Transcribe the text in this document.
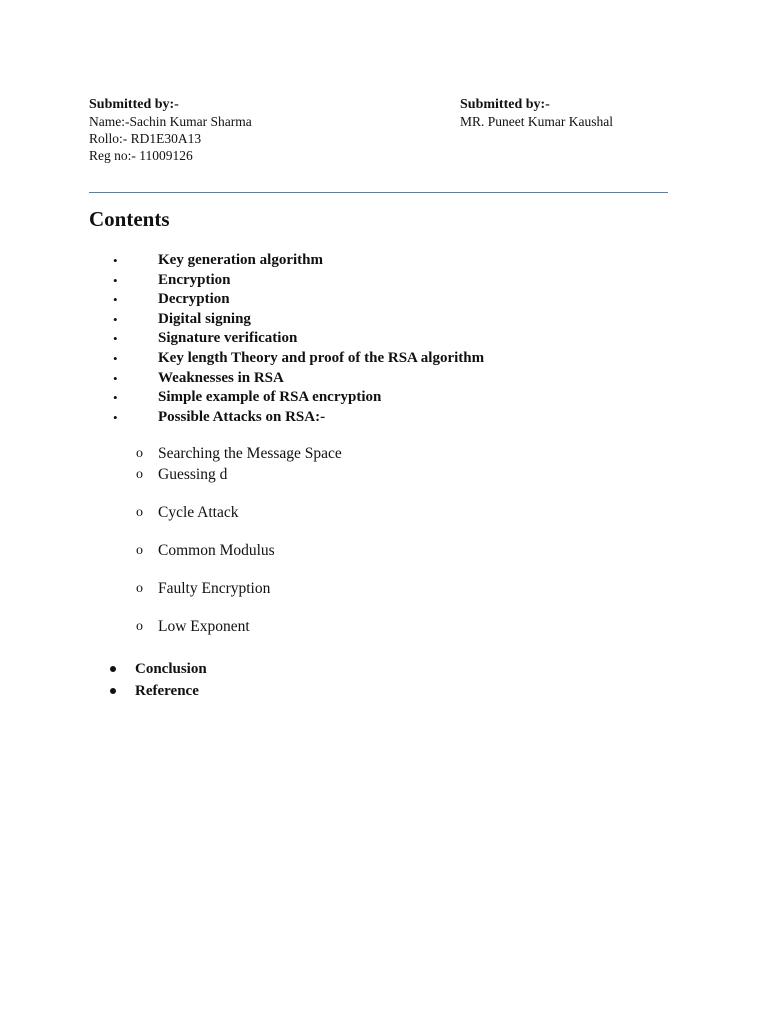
Submitted by:-
Name:-Sachin Kumar Sharma
Rollo:- RD1E30A13
Reg no:- 11009126
Submitted by:-
MR. Puneet Kumar Kaushal
Contents
•	Key generation algorithm
•	Encryption
•	Decryption
•	Digital signing
•	Signature verification
•	Key length Theory and proof of the RSA algorithm
•	Weaknesses in RSA
•	Simple example of RSA encryption
•	Possible Attacks on RSA:-
o Searching the Message Space
o Guessing d
o Cycle Attack
o Common Modulus
o Faulty Encryption
o Low Exponent
Conclusion
Reference
